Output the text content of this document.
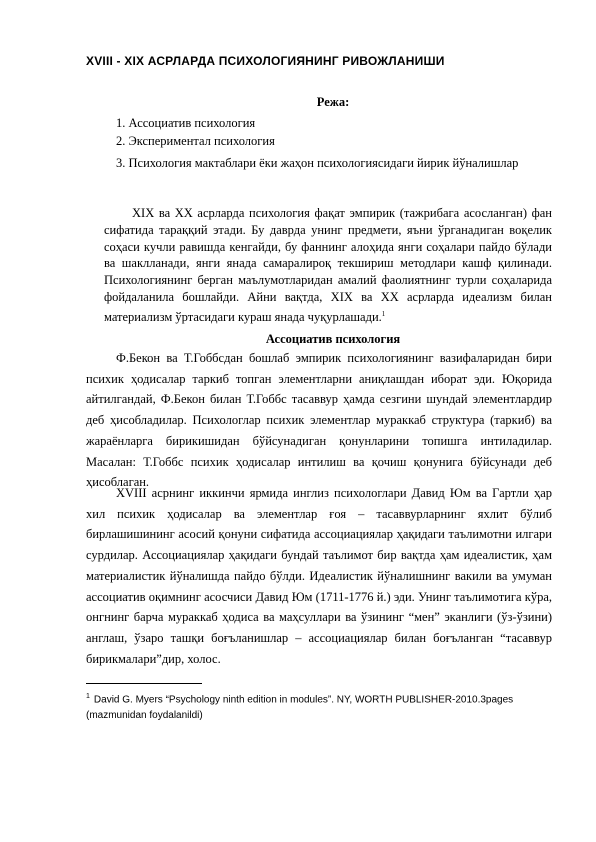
XVIII - XIX АСРЛАРДА ПСИХОЛОГИЯНИНГ РИВОЖЛАНИШИ
Режа:
1. Ассоциатив психология
2. Экспериментал психология
3. Психология мактаблари ёки жаҳон психологиясидаги йирик йўналишлар
XIX ва XX асрларда психология фақат эмпирик (тажрибага асосланган) фан сифатида тараққий этади. Бу даврда унинг предмети, яъни ўрганадиган воқелик соҳаси кучли равишда кенгайди, бу фаннинг алоҳида янги соҳалари пайдо бўлади ва шаклланади, янги янада самаралироқ текшириш методлари кашф қилинади. Психологиянинг берган маълумотларидан амалий фаолиятнинг турли соҳаларида фойдаланила бошлайди. Айни вақтда, XIX ва XX асрларда идеализм билан материализм ўртасидаги кураш янада чуқурлашади.$^1$
Ассоциатив психология
Ф.Бекон ва Т.Гоббсдан бошлаб эмпирик психологиянинг вазифаларидан бири психик ҳодисалар таркиб топган элементларни аниқлашдан иборат эди. Юқорида айтилгандай, Ф.Бекон билан Т.Гоббс тасаввур ҳамда сезгини шундай элементлардир деб ҳисобладилар. Психологлар психик элементлар мураккаб структура (таркиб) ва жараёнларга бирикишидан бўйсунадиган қонунларини топишга интиладилар. Масалан: Т.Гоббс психик ҳодисалар интилиш ва қочиш қонунига бўйсунади деб ҳисоблаган.
XVIII асрнинг иккинчи ярмида инглиз психологлари Давид Юм ва Гартли ҳар хил психик ҳодисалар ва элементлар ғоя – тасаввурларнинг яхлит бўлиб бирлашишининг асосий қонуни сифатида ассоциациялар ҳақидаги таълимотни илгари сурдилар. Ассоциациялар ҳақидаги бундай таълимот бир вақтда ҳам идеалистик, ҳам материалистик йўналишда пайдо бўлди. Идеалистик йўналишнинг вакили ва умуман ассоциатив оқимнинг асосчиси Давид Юм (1711-1776 й.) эди. Унинг таълимотига кўра, онгнинг барча мураккаб ҳодиса ва маҳсуллари ва ўзининг “мен” эканлиги (ўз-ўзини) англаш, ўзаро ташқи боғъланишлар – ассоциациялар билан боғъланган “тасаввур бирикмалари”дир, холос.
$^1$ David G. Myers “Psychology ninth edition in modules”. NY, WORTH PUBLISHER-2010.3pages (mazmunidan foydalanildi)
